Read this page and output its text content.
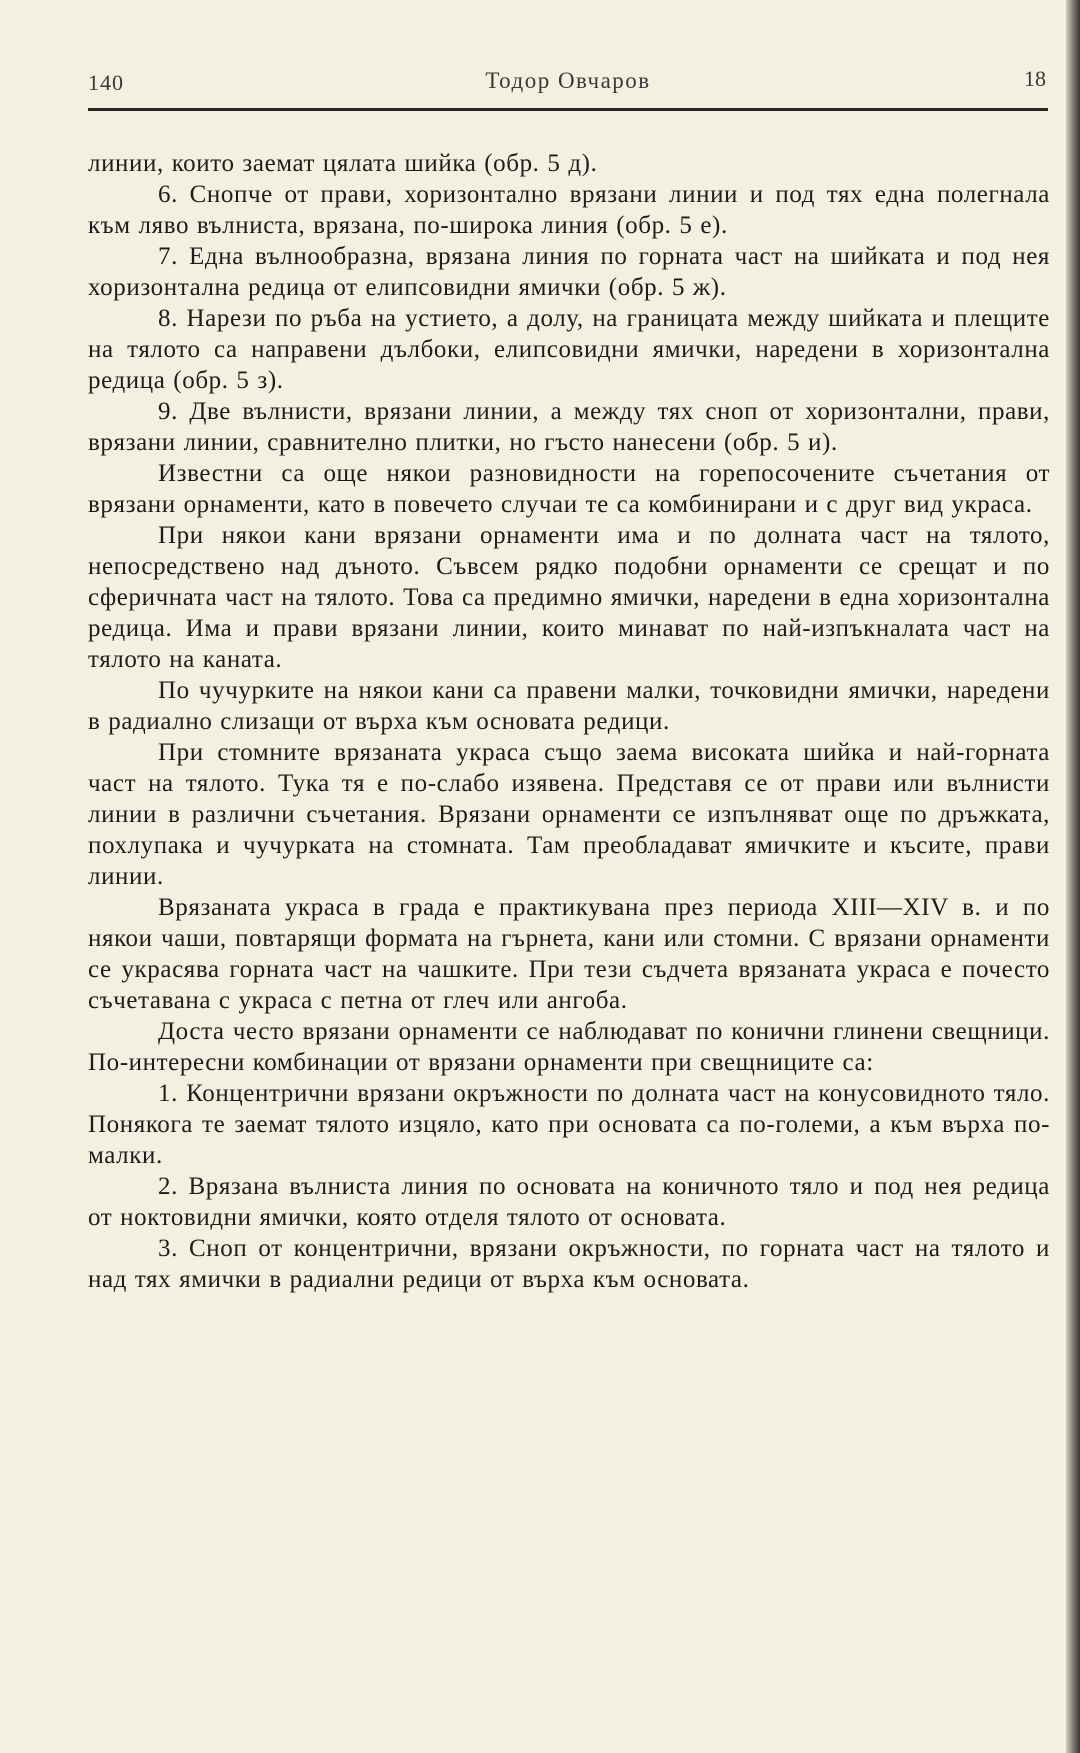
140	Тодор Овчаров	18

линии, които заемат цялата шийка (обр. 5 д).

6. Снопче от прави, хоризонтално врязани линии и под тях една полегнала към ляво вълниста, врязана, по-широка линия (обр. 5 е).

7. Една вълнообразна, врязана линия по горната част на шийката и под нея хоризонтална редица от елипсовидни ямички (обр. 5 ж).

8. Нарези по ръба на устието, а долу, на границата между шийката и плещите на тялото са направени дълбоки, елипсовидни ямички, наредени в хоризонтална редица (обр. 5 з).

9. Две вълнисти, врязани линии, а между тях сноп от хоризонтални, прави, врязани линии, сравнително плитки, но гъсто нанесени (обр. 5 и).

Известни са още някои разновидности на горепосочените съчетания от врязани орнаменти, като в повечето случаи те са комбинирани и с друг вид украса.

При някои кани врязани орнаменти има и по долната част на тялото, непосредствено над дъното. Съвсем рядко подобни орнаменти се срещат и по сферичната част на тялото. Това са предимно ямички, наредени в една хоризонтална редица. Има и прави врязани линии, които минават по най-изпъкналата част на тялото на каната.

По чучурките на някои кани са правени малки, точковидни ямички, наредени в радиално слизащи от върха към основата редици.

При стомните врязаната украса също заема високата шийка и най-горната част на тялото. Тука тя е по-слабо изявена. Представя се от прави или вълнисти линии в различни съчетания. Врязани орнаменти се изпълняват още по дръжката, похлупака и чучурката на стомната. Там преобладават ямичките и късите, прави линии.

Врязаната украса в града е практикувана през периода XIII—XIV в. и по някои чаши, повтарящи формата на гърнета, кани или стомни. С врязани орнаменти се украсява горната част на чашките. При тези съдчета врязаната украса е почесто съчетавана с украса с петна от глеч или ангоба.

Доста често врязани орнаменти се наблюдават по конични глинени свещници. По-интересни комбинации от врязани орнаменти при свещниците са:

1. Концентрични врязани окръжности по долната част на конусовидното тяло. Понякога те заемат тялото изцяло, като при основата са по-големи, а към върха по-малки.

2. Врязана вълниста линия по основата на коничното тяло и под нея редица от ноктовидни ямички, която отделя тялото от основата.

3. Сноп от концентрични, врязани окръжности, по горната част на тялото и над тях ямички в радиални редици от върха към основата.
